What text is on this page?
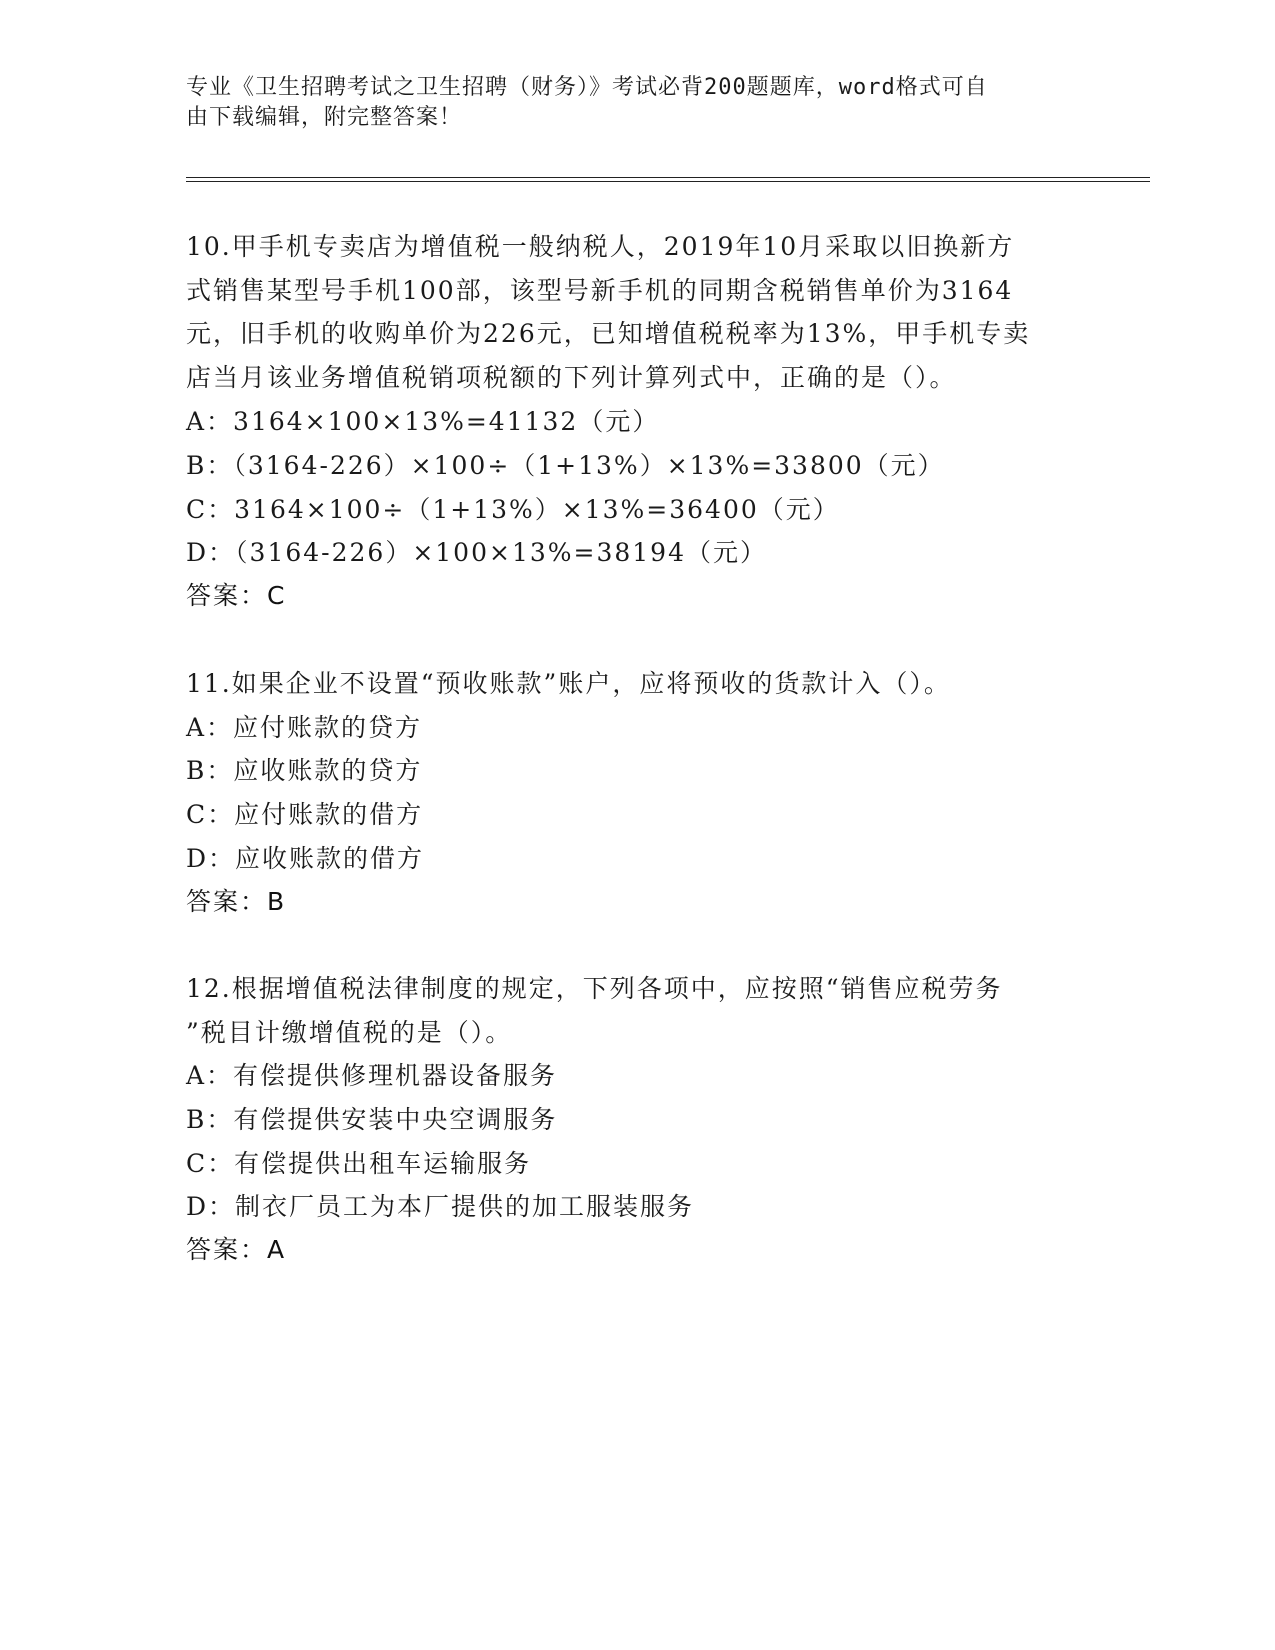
专业《卫生招聘考试之卫生招聘（财务）》考试必背200题题库，word格式可自
由下载编辑，附完整答案！
10.甲手机专卖店为增值税一般纳税人，2019年10月采取以旧换新方
式销售某型号手机100部，该型号新手机的同期含税销售单价为3164
元，旧手机的收购单价为226元，已知增值税税率为13%，甲手机专卖
店当月该业务增值税销项税额的下列计算列式中，正确的是（）。
A：3164×100×13%=41132（元）
B：（3164-226）×100÷（1+13%）×13%=33800（元）
C：3164×100÷（1+13%）×13%=36400（元）
D：（3164-226）×100×13%=38194（元）
答案：C
11.如果企业不设置“预收账款”账户，应将预收的货款计入（）。
A：应付账款的贷方
B：应收账款的贷方
C：应付账款的借方
D：应收账款的借方
答案：B
12.根据增值税法律制度的规定，下列各项中，应按照“销售应税劳务
”税目计缴增值税的是（）。
A：有偿提供修理机器设备服务
B：有偿提供安装中央空调服务
C：有偿提供出租车运输服务
D：制衣厂员工为本厂提供的加工服装服务
答案：A
